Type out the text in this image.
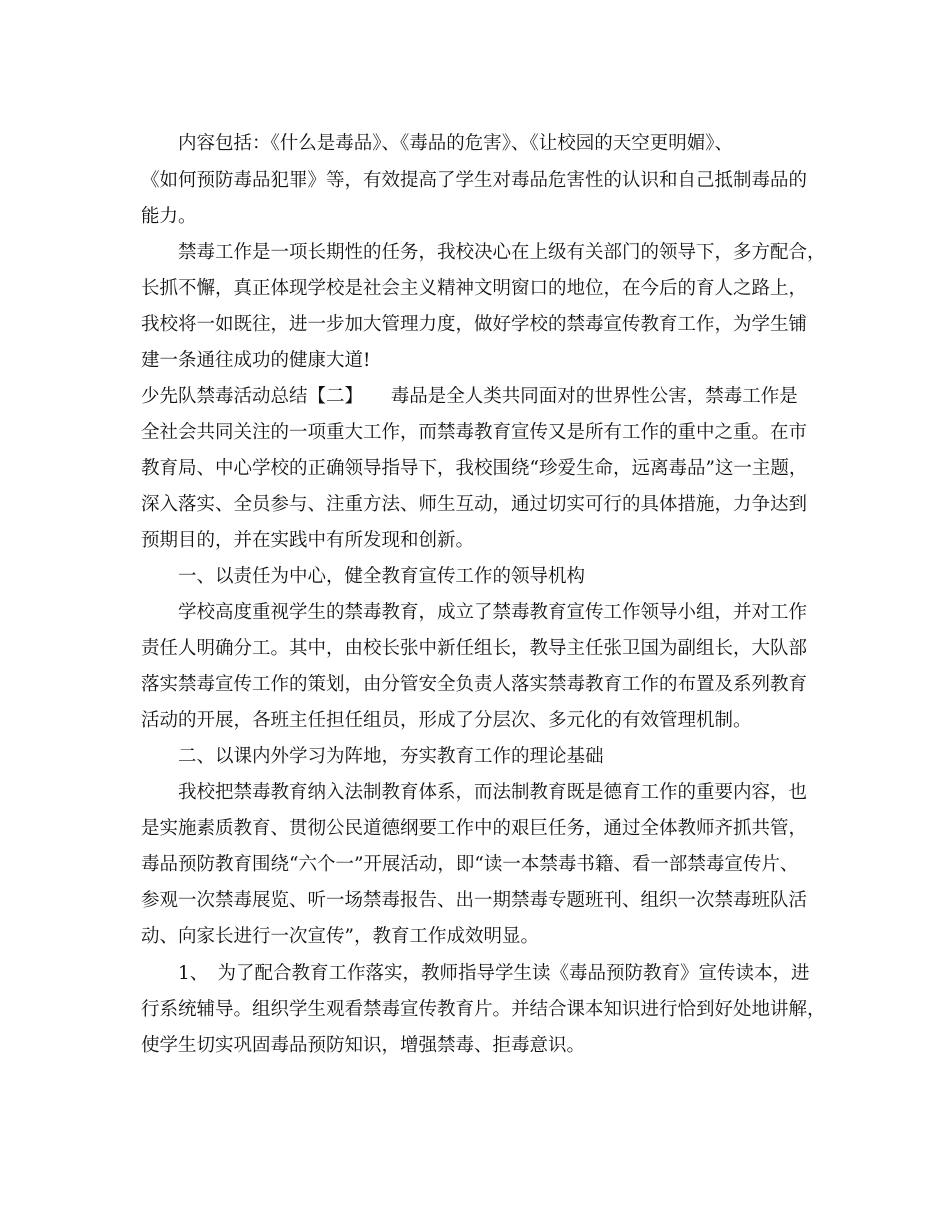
内容包括：《什么是毒品》、《毒品的危害》、《让校园的天空更明媚》、
《如何预防毒品犯罪》等，有效提高了学生对毒品危害性的认识和自己抵制毒品的
能力。
禁毒工作是一项长期性的任务，我校决心在上级有关部门的领导下，多方配合，
长抓不懈，真正体现学校是社会主义精神文明窗口的地位，在今后的育人之路上，
我校将一如既往，进一步加大管理力度，做好学校的禁毒宣传教育工作，为学生铺
建一条通往成功的健康大道!
少先队禁毒活动总结【二】　　毒品是全人类共同面对的世界性公害，禁毒工作是
全社会共同关注的一项重大工作，而禁毒教育宣传又是所有工作的重中之重。在市
教育局、中心学校的正确领导指导下，我校围绕“珍爱生命，远离毒品”这一主题，
深入落实、全员参与、注重方法、师生互动，通过切实可行的具体措施，力争达到
预期目的，并在实践中有所发现和创新。
一、以责任为中心，健全教育宣传工作的领导机构
学校高度重视学生的禁毒教育，成立了禁毒教育宣传工作领导小组，并对工作
责任人明确分工。其中，由校长张中新任组长，教导主任张卫国为副组长，大队部
落实禁毒宣传工作的策划，由分管安全负责人落实禁毒教育工作的布置及系列教育
活动的开展，各班主任担任组员，形成了分层次、多元化的有效管理机制。
二、以课内外学习为阵地，夯实教育工作的理论基础
我校把禁毒教育纳入法制教育体系，而法制教育既是德育工作的重要内容，也
是实施素质教育、贯彻公民道德纲要工作中的艰巨任务，通过全体教师齐抓共管，
毒品预防教育围绕“六个一”开展活动，即“读一本禁毒书籍、看一部禁毒宣传片、
参观一次禁毒展览、听一场禁毒报告、出一期禁毒专题班刊、组织一次禁毒班队活
动、向家长进行一次宣传”，教育工作成效明显。
1、　为了配合教育工作落实，教师指导学生读《毒品预防教育》宣传读本，进
行系统辅导。组织学生观看禁毒宣传教育片。并结合课本知识进行恰到好处地讲解，
使学生切实巩固毒品预防知识，增强禁毒、拒毒意识。
